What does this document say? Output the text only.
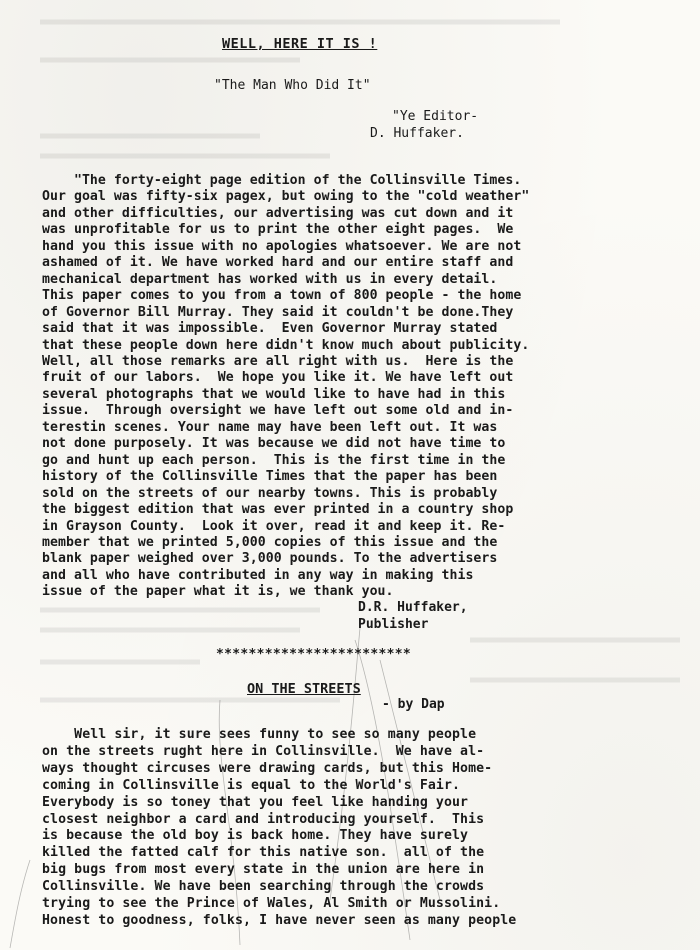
WELL, HERE IT IS !
"The Man Who Did It"
"Ye Editor-
D. Huffaker.
"The forty-eight page edition of the Collinsville Times.
Our goal was fifty-six pagex, but owing to the "cold weather"
and other difficulties, our advertising was cut down and it
was unprofitable for us to print the other eight pages.  We
hand you this issue with no apologies whatsoever. We are not
ashamed of it. We have worked hard and our entire staff and
mechanical department has worked with us in every detail.
This paper comes to you from a town of 800 people - the home
of Governor Bill Murray. They said it couldn't be done.They
said that it was impossible.  Even Governor Murray stated
that these people down here didn't know much about publicity.
Well, all those remarks are all right with us.  Here is the
fruit of our labors.  We hope you like it. We have left out
several photographs that we would like to have had in this
issue.  Through oversight we have left out some old and in-
terestin scenes. Your name may have been left out. It was
not done purposely. It was because we did not have time to
go and hunt up each person.  This is the first time in the
history of the Collinsville Times that the paper has been
sold on the streets of our nearby towns. This is probably
the biggest edition that was ever printed in a country shop
in Grayson County.  Look it over, read it and keep it. Re-
member that we printed 5,000 copies of this issue and the
blank paper weighed over 3,000 pounds. To the advertisers
and all who have contributed in any way in making this
issue of the paper what it is, we thank you.
D.R. Huffaker,
Publisher
************************
ON THE STREETS
- by Dap
Well sir, it sure sees funny to see so many people
on the streets rught here in Collinsville.  We have al-
ways thought circuses were drawing cards, but this Home-
coming in Collinsville is equal to the World's Fair.
Everybody is so toney that you feel like handing your
closest neighbor a card and introducing yourself.  This
is because the old boy is back home. They have surely
killed the fatted calf for this native son.  all of the
big bugs from most every state in the union are here in
Collinsville. We have been searching through the crowds
trying to see the Prince of Wales, Al Smith or Mussolini.
Honest to goodness, folks, I have never seen as many people
